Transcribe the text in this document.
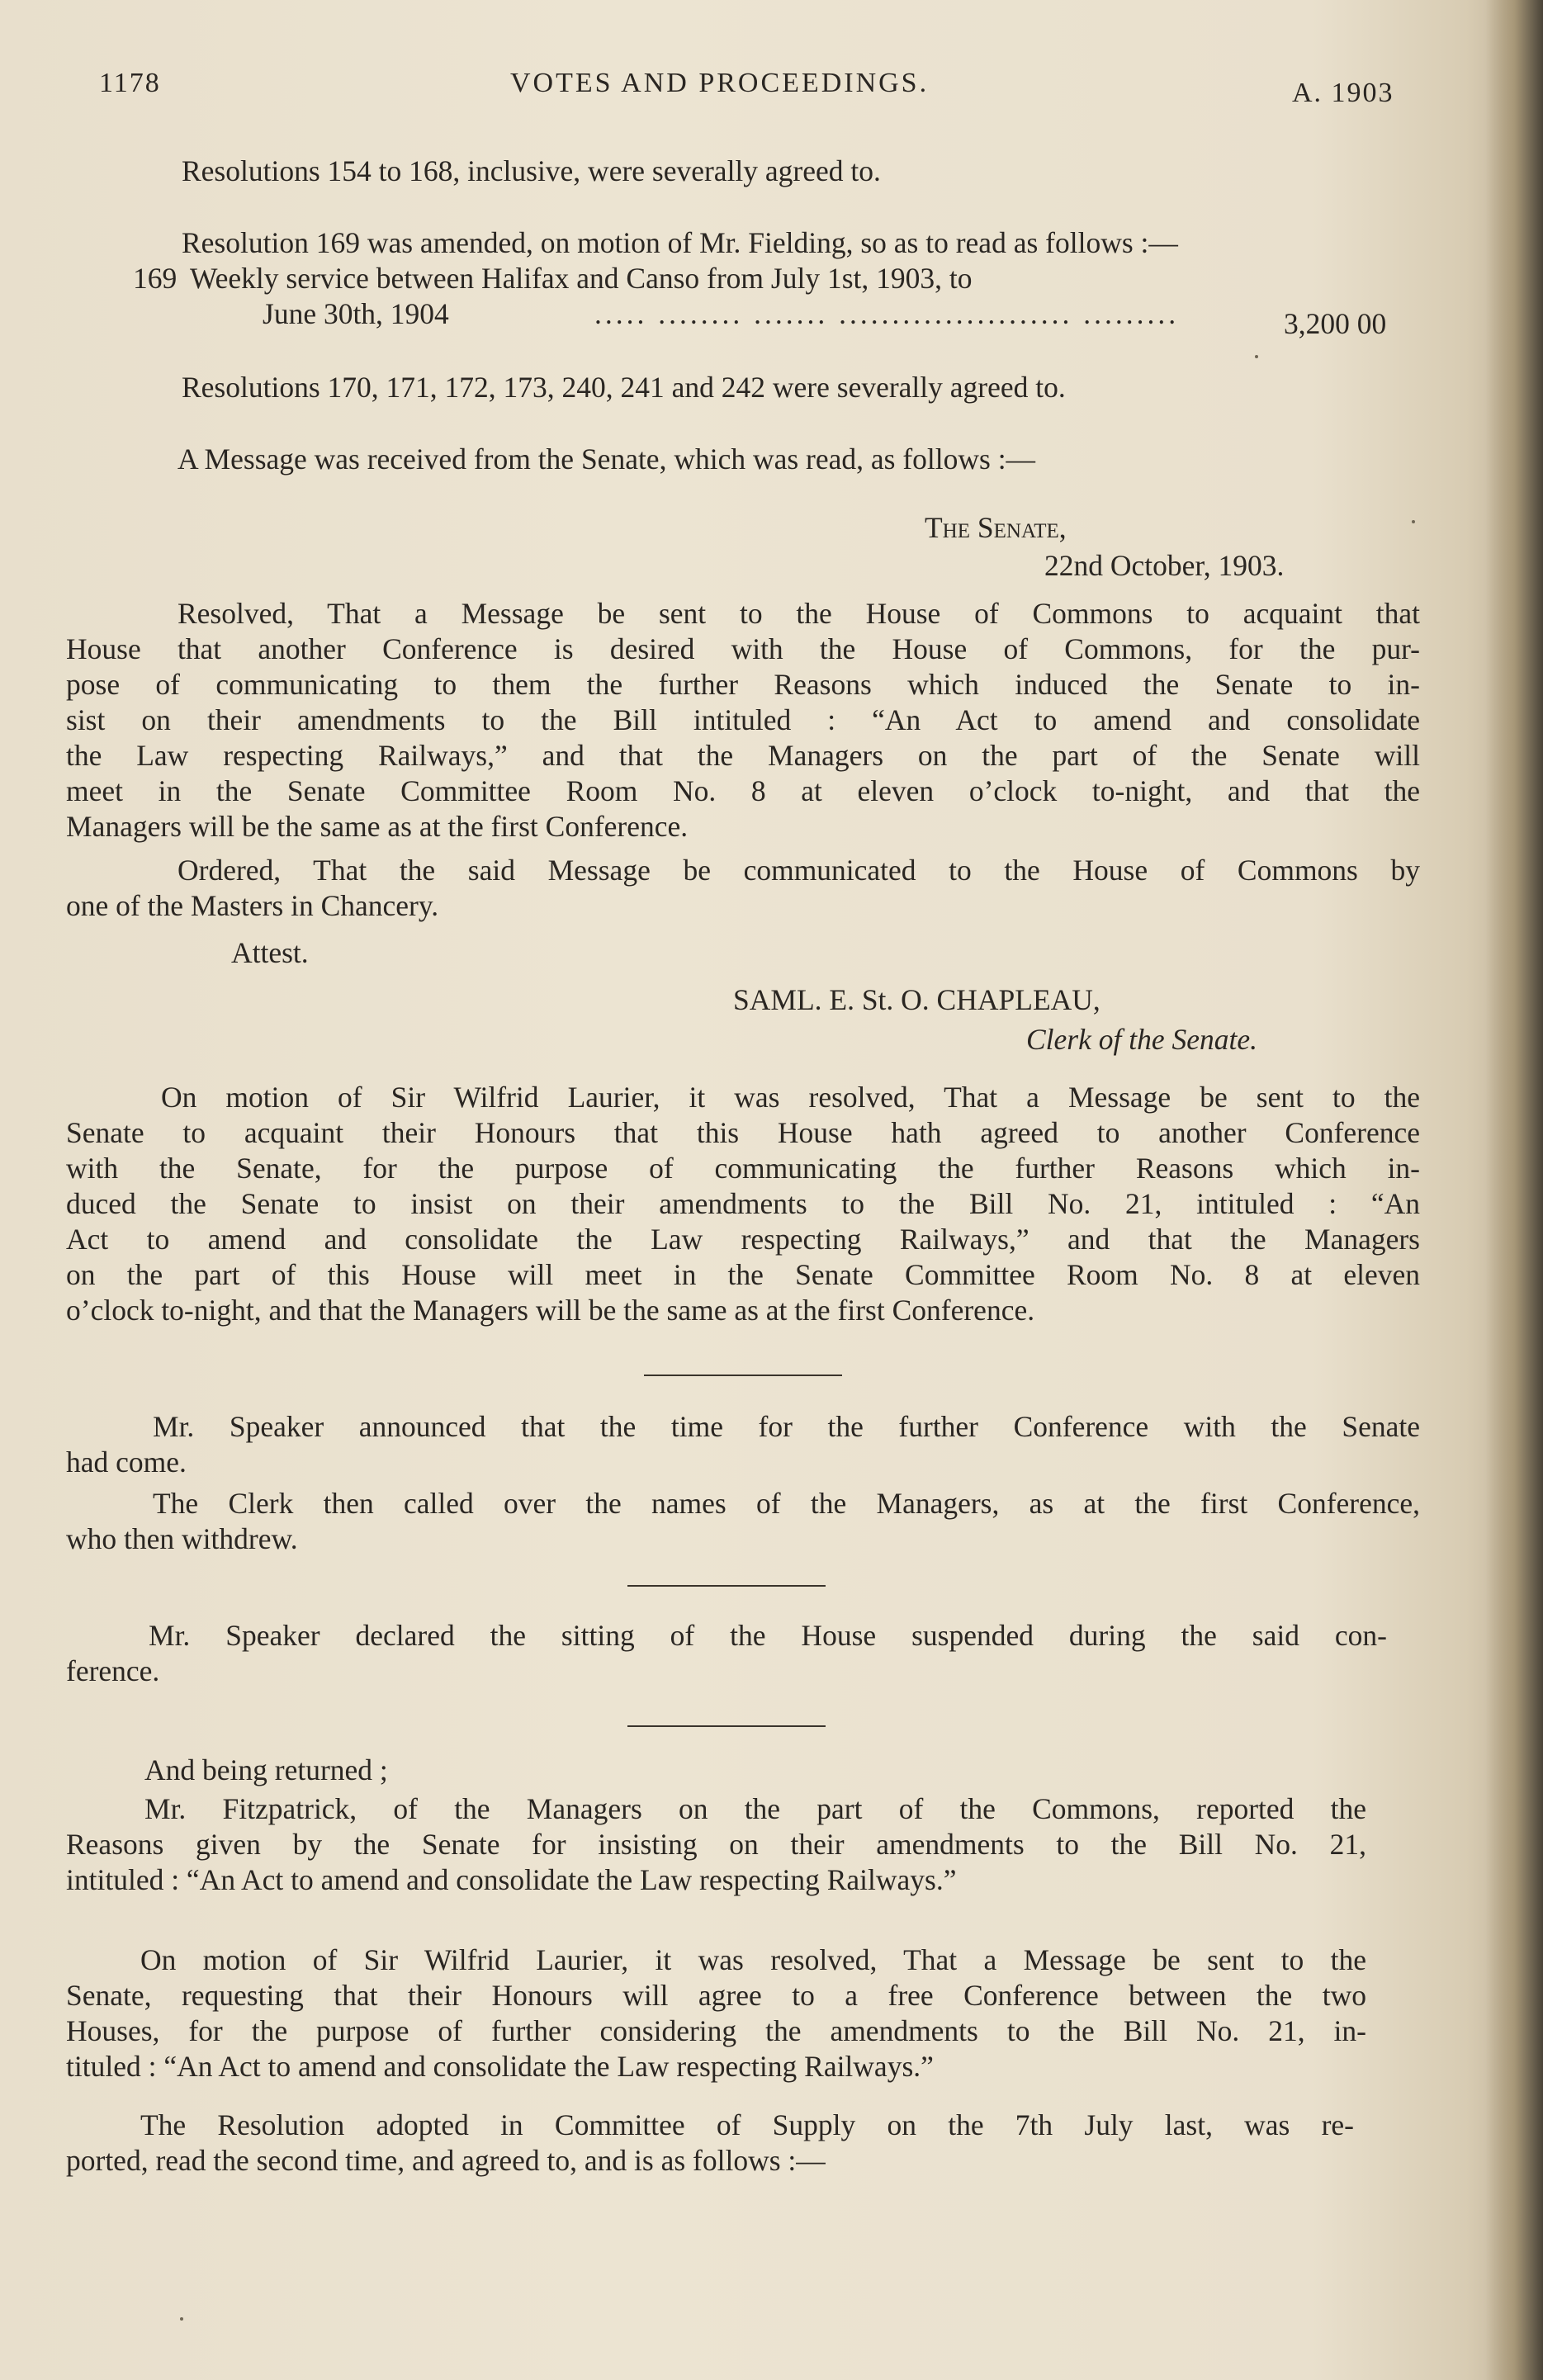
1178	VOTES AND PROCEEDINGS.	A. 1903

Resolutions 154 to 168, inclusive, were severally agreed to.

Resolution 169 was amended, on motion of Mr. Fielding, so as to read as follows :—

169 Weekly service between Halifax and Canso from July 1st, 1903, to
June 30th, 1904	..... ........ ....... ...................... .........	3,200 00

Resolutions 170, 171, 172, 173, 240, 241 and 242 were severally agreed to.

A Message was received from the Senate, which was read, as follows :—

The Senate,

22nd October, 1903.

Resolved, That a Message be sent to the House of Commons to acquaint that

House that another Conference is desired with the House of Commons, for the pur-

pose of communicating to them the further Reasons which induced the Senate to in-

sist on their amendments to the Bill intituled : “An Act to amend and consolidate

the Law respecting Railways,” and that the Managers on the part of the Senate will

meet in the Senate Committee Room No. 8 at eleven o’clock to-night, and that the

Managers will be the same as at the first Conference.

Ordered, That the said Message be communicated to the House of Commons by

one of the Masters in Chancery.

Attest.

SAML. E. St. O. CHAPLEAU,

Clerk of the Senate.

On motion of Sir Wilfrid Laurier, it was resolved, That a Message be sent to the

Senate to acquaint their Honours that this House hath agreed to another Conference

with the Senate, for the purpose of communicating the further Reasons which in-

duced the Senate to insist on their amendments to the Bill No. 21, intituled : “An

Act to amend and consolidate the Law respecting Railways,” and that the Managers

on the part of this House will meet in the Senate Committee Room No. 8 at eleven

o’clock to-night, and that the Managers will be the same as at the first Conference.

Mr. Speaker announced that the time for the further Conference with the Senate

had come.

The Clerk then called over the names of the Managers, as at the first Conference,

who then withdrew.

Mr. Speaker declared the sitting of the House suspended during the said con-

ference.

And being returned ;

Mr. Fitzpatrick, of the Managers on the part of the Commons, reported the

Reasons given by the Senate for insisting on their amendments to the Bill No. 21,

intituled : “An Act to amend and consolidate the Law respecting Railways.”

On motion of Sir Wilfrid Laurier, it was resolved, That a Message be sent to the

Senate, requesting that their Honours will agree to a free Conference between the two

Houses, for the purpose of further considering the amendments to the Bill No. 21, in-

tituled : “An Act to amend and consolidate the Law respecting Railways.”

The Resolution adopted in Committee of Supply on the 7th July last, was re-

ported, read the second time, and agreed to, and is as follows :—
